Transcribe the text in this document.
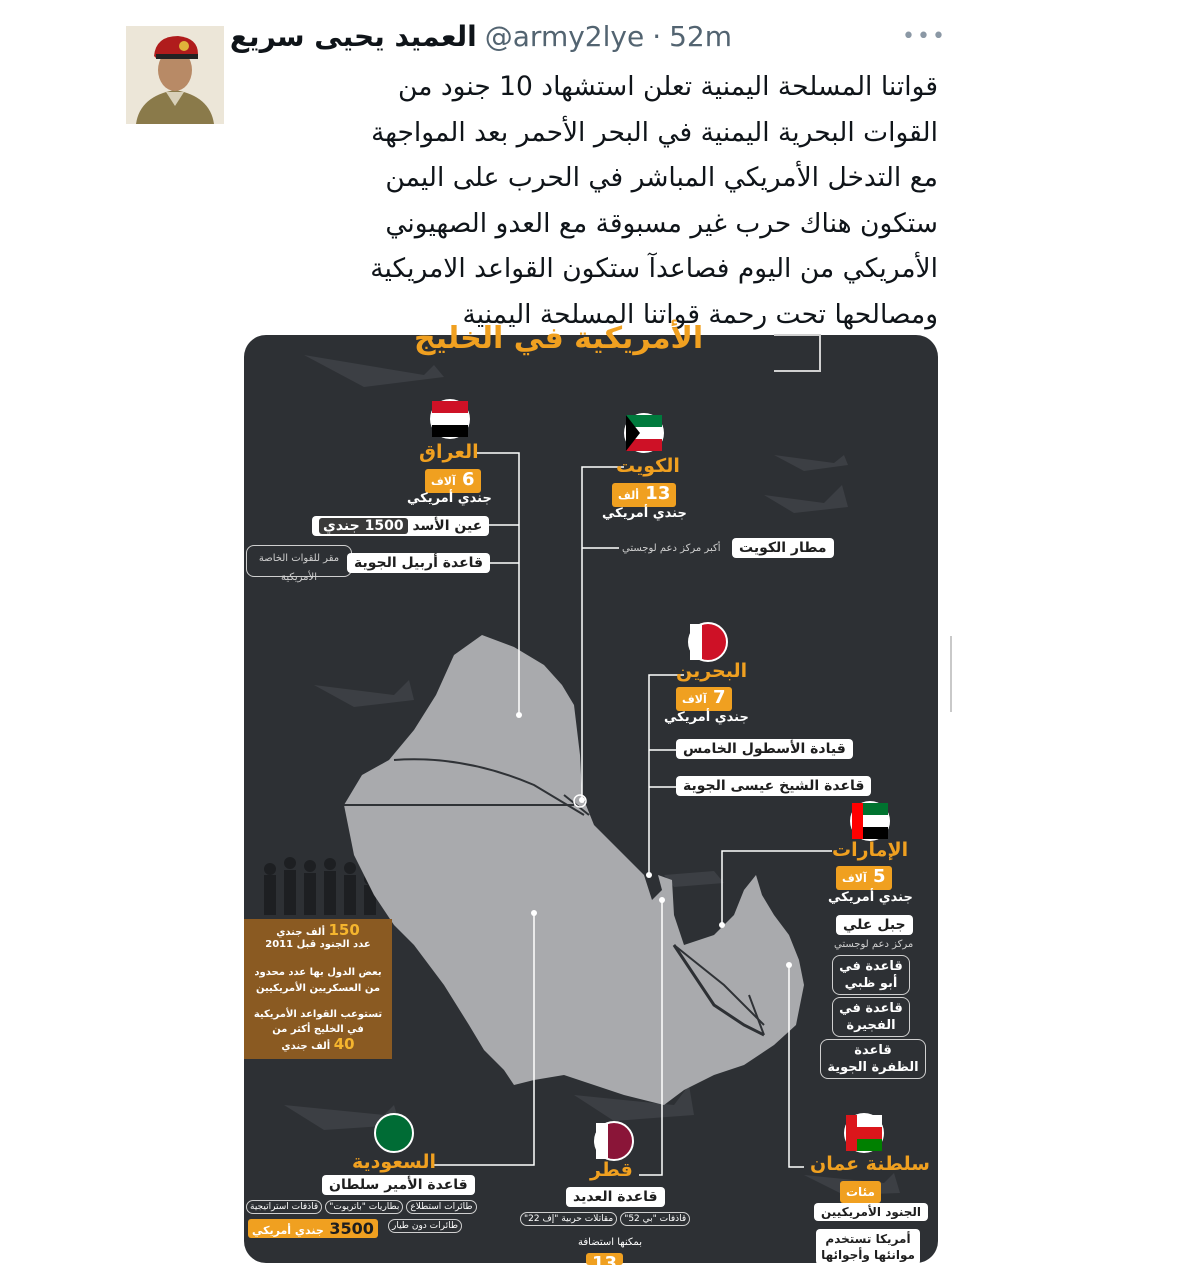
العميد يحيى سريع @army2lye · 52m	•••
قواتنا المسلحة اليمنية تعلن استشهاد 10 جنود من
القوات البحرية اليمنية في البحر الأحمر بعد المواجهة
مع التدخل الأمريكي المباشر في الحرب على اليمن
ستكون هناك حرب غير مسبوقة مع العدو الصهيوني
الأمريكي من اليوم فصاعدآ ستكون القواعد الامريكية
ومصالحها تحت رحمة قواتنا المسلحة اليمنية
الأمريكية في الخليج
العراق
6 آلاف
جندي أمريكي
عين الأسد 1500 جندي
مقر للقوات الخاصة الأمريكية
قاعدة أربيل الجوية
الكويت
13 ألف
جندي أمريكي
مطار الكويت
أكبر مركز دعم لوجستي
البحرين
7 آلاف
جندي أمريكي
قيادة الأسطول الخامس
قاعدة الشيخ عيسى الجوية
الإمارات
5 آلاف
جندي أمريكي
جبل علي
مركز دعم لوجستي
قاعدة في
أبو ظبي
قاعدة في
الفجيرة
قاعدة
الظفرة الجوية
سلطنة عمان
مئات
الجنود الأمريكيين
أمريكا تستخدم
موانئها وأجوائها
السعودية
قاعدة الأمير سلطان
طائرات استطلاع
بطاريات "باتريوت"
قاذفات استراتيجية
طائرات دون طيار
3500 جندي أمريكي
قطر
قاعدة العديد
قاذفات "بي 52"
مقاتلات حربية "إف 22"
بمكنها استضافة
13
150 ألف جندي
عدد الجنود قبل 2011
بعض الدول بها عدد محدود
من العسكريين الأمريكيين
تستوعب القواعد الأمريكية
في الخليج أكثر من
40 ألف جندي
